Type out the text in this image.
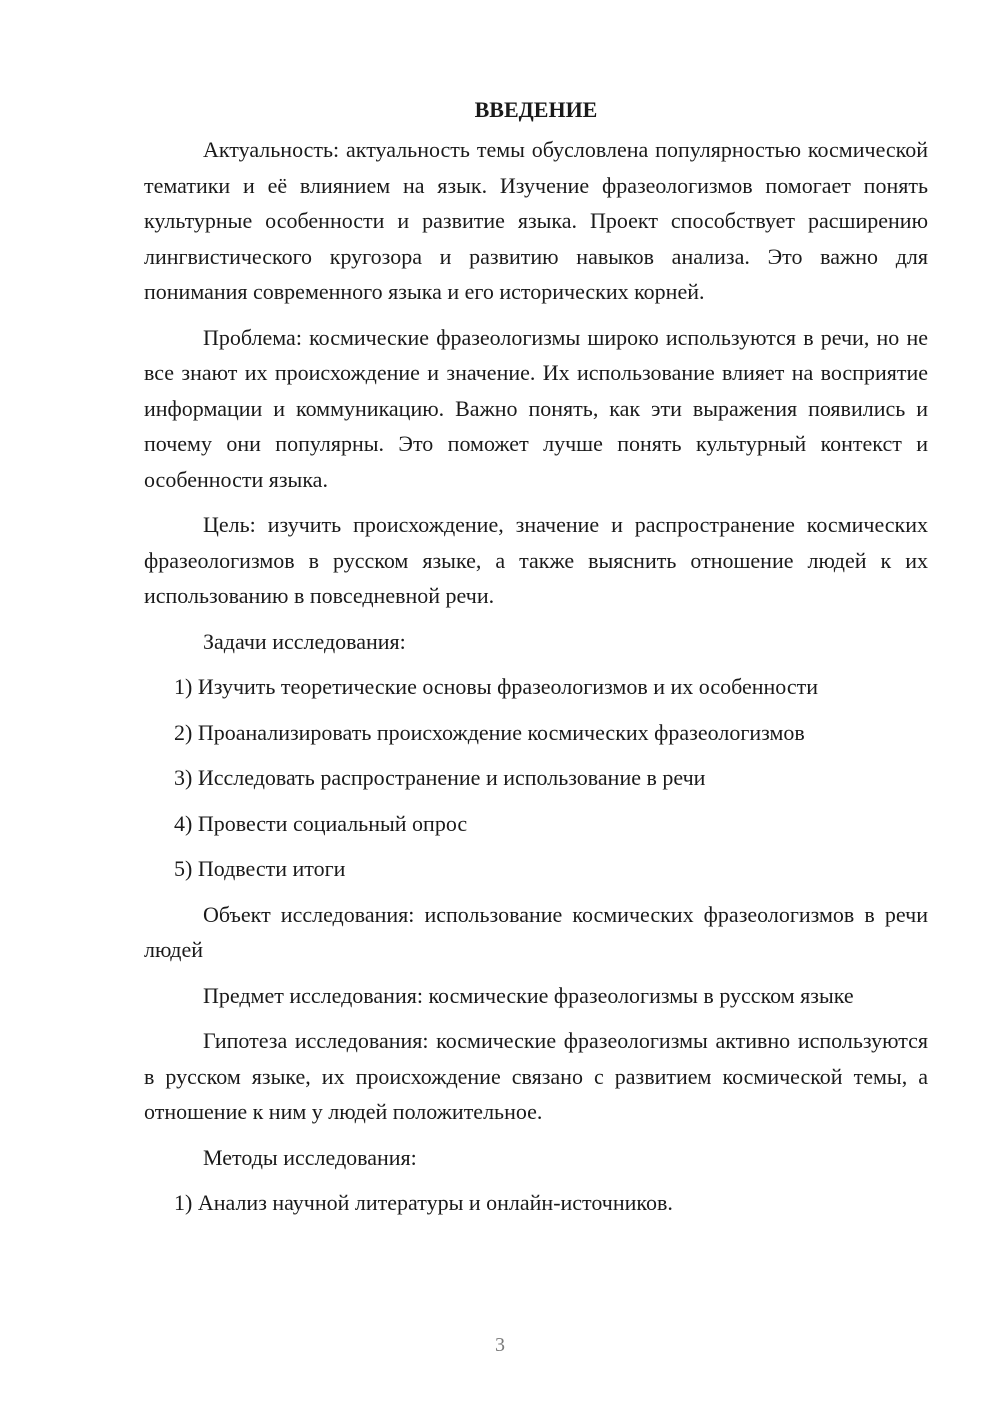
ВВЕДЕНИЕ

Актуальность: актуальность темы обусловлена популярностью космической тематики и её влиянием на язык. Изучение фразеологизмов помогает понять культурные особенности и развитие языка. Проект способствует расширению лингвистического кругозора и развитию навыков анализа. Это важно для понимания современного языка и его исторических корней.

Проблема: космические фразеологизмы широко используются в речи, но не все знают их происхождение и значение. Их использование влияет на восприятие информации и коммуникацию. Важно понять, как эти выражения появились и почему они популярны. Это поможет лучше понять культурный контекст и особенности языка.

Цель: изучить происхождение, значение и распространение космических фразеологизмов в русском языке, а также выяснить отношение людей к их использованию в повседневной речи.

Задачи исследования:

1) Изучить теоретические основы фразеологизмов и их особенности

2) Проанализировать происхождение космических фразеологизмов

3) Исследовать распространение и использование в речи

4) Провести социальный опрос

5) Подвести итоги

Объект исследования: использование космических фразеологизмов в речи людей

Предмет исследования: космические фразеологизмы в русском языке

Гипотеза исследования: космические фразеологизмы активно используются в русском языке, их происхождение связано с развитием космической темы, а отношение к ним у людей положительное.

Методы исследования:

1) Анализ научной литературы и онлайн-источников.

3
